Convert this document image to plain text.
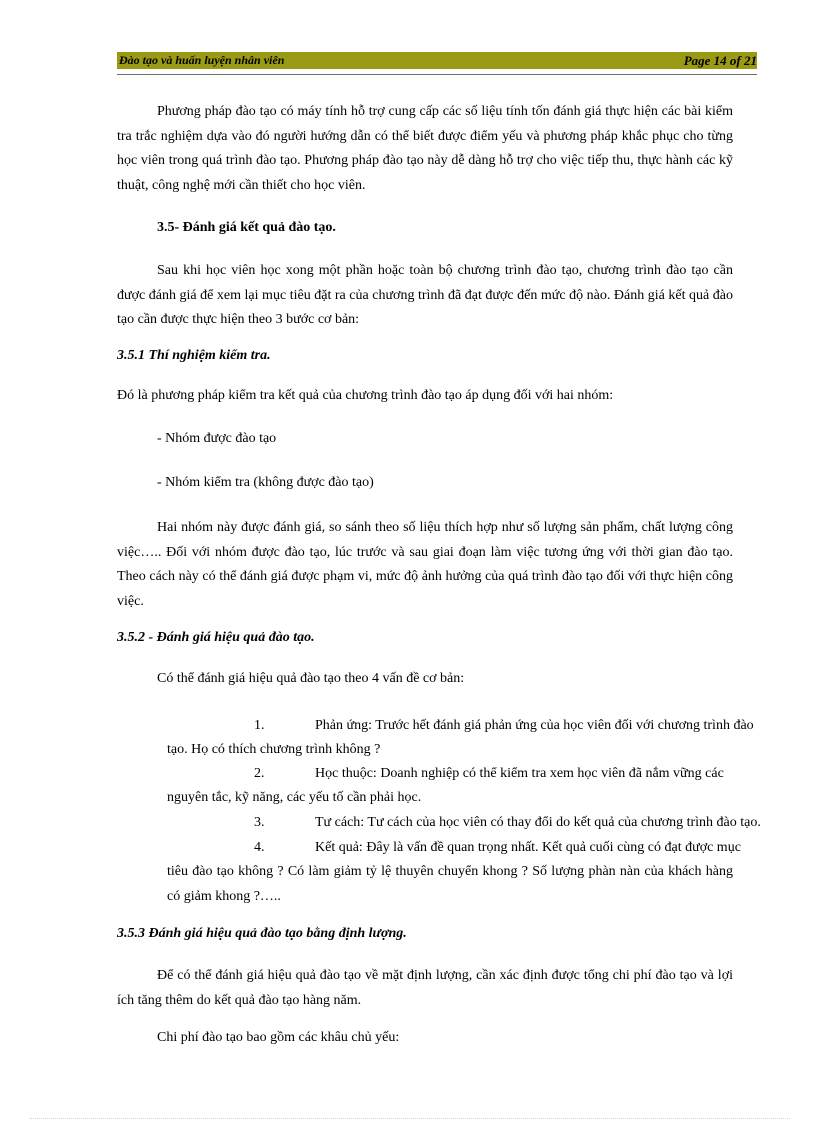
Đào tạo và huấn luyện nhân viên	Page 14 of 21

Phương pháp đào tạo có máy tính hỗ trợ cung cấp các số liệu tính tốn đánh giá thực hiện các bài kiểm tra trắc nghiệm dựa vào đó người hướng dẫn có thể biết được điểm yếu và phương pháp khắc phục cho từng học viên trong quá trình đào tạo. Phương pháp đào tạo này dễ dàng hỗ trợ cho việc tiếp thu, thực hành các kỹ thuật, công nghệ mới cần thiết cho học viên.

3.5- Đánh giá kết quả đào tạo.

Sau khi học viên học xong một phần hoặc toàn bộ chương trình đào tạo, chương trình đào tạo cần được đánh giá để xem lại mục tiêu đặt ra của chương trình đã đạt được đến mức độ nào. Đánh giá kết quả đào tạo cần được thực hiện theo 3 bước cơ bản:

3.5.1 Thí nghiệm kiểm tra.
Đó là phương pháp kiểm tra kết quả của chương trình đào tạo áp dụng đối với hai nhóm:
- Nhóm được đào tạo
- Nhóm kiểm tra (không được đào tạo)

Hai nhóm này được đánh giá, so sánh theo số liệu thích hợp như số lượng sản phẩm, chất lượng công việc….. Đối với nhóm được đào tạo, lúc trước và sau giai đoạn làm việc tương ứng với thời gian đào tạo. Theo cách này có thể đánh giá được phạm vi, mức độ ảnh hưởng của quá trình đào tạo đối với thực hiện công việc.

3.5.2 - Đánh giá hiệu quả đào tạo.
Có thể đánh giá hiệu quả đào tạo theo 4 vấn đề cơ bản:
1.	Phản ứng: Trước hết đánh giá phản ứng của học viên đối với chương trình đào
tạo. Họ có thích chương trình không ?
2.	Học thuộc: Doanh nghiệp có thể kiểm tra xem học viên đã nắm vững các
nguyên tắc, kỹ năng, các yếu tố cần phải học.
3.	Tư cách: Tư cách của học viên có thay đổi do kết quả của chương trình đào tạo.
4.	Kết quả: Đây là vấn đề quan trọng nhất. Kết quả cuối cùng có đạt được mục
tiêu đào tạo không ? Có làm giảm tỷ lệ thuyên chuyển khong ? Số lượng phàn nàn của khách hàng có giảm khong ?…..
3.5.3 Đánh giá hiệu quả đào tạo bằng định lượng.

Để có thể đánh giá hiệu quả đào tạo về mặt định lượng, cần xác định được tổng chi phí đào tạo và lợi ích tăng thêm do kết quả đào tạo hàng năm.

Chi phí đào tạo bao gồm các khâu chủ yếu:
